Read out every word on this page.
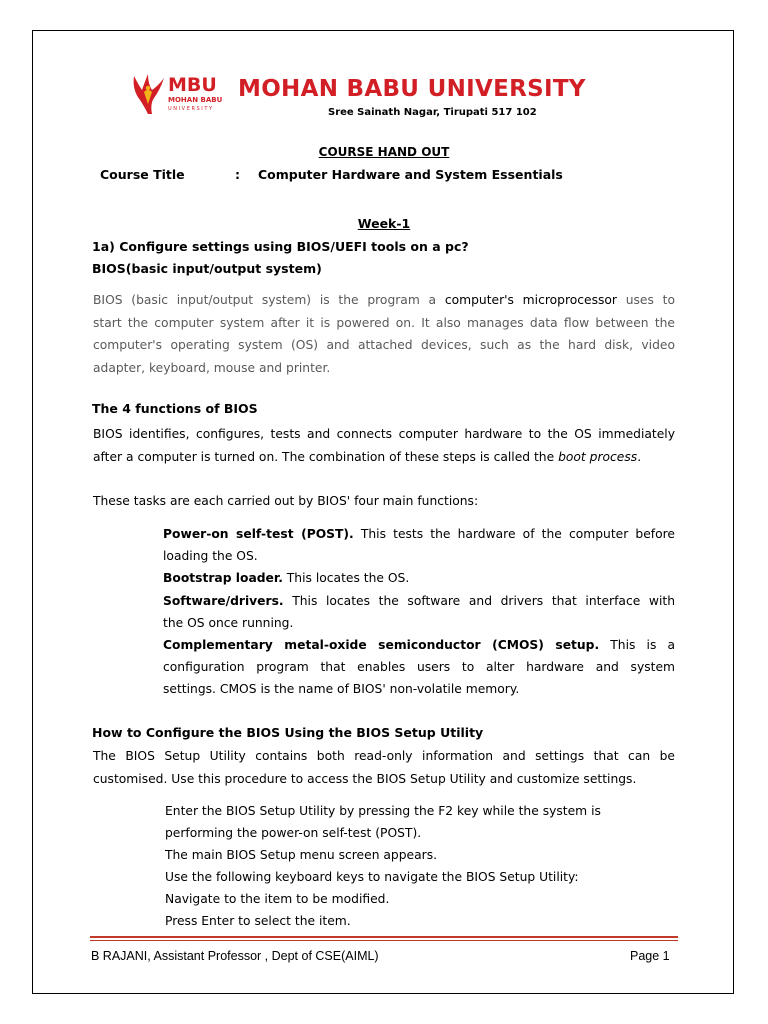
MBU
MOHAN BABU
UNIVERSITY
MOHAN BABU UNIVERSITY
Sree Sainath Nagar, Tirupati 517 102
COURSE HAND OUT
Course Title	: Computer Hardware and System Essentials
Week-1
1a) Configure settings using BIOS/UEFI tools on a pc?
BIOS(basic input/output system)
BIOS (basic input/output system) is the program a computer's microprocessor uses to
start the computer system after it is powered on. It also manages data flow between the
computer's operating system (OS) and attached devices, such as the hard disk, video
adapter, keyboard, mouse and printer.
The 4 functions of BIOS
BIOS identifies, configures, tests and connects computer hardware to the OS immediately
after a computer is turned on. The combination of these steps is called the boot process.
These tasks are each carried out by BIOS' four main functions:
Power-on self-test (POST). This tests the hardware of the computer before
loading the OS.
Bootstrap loader. This locates the OS.
Software/drivers. This locates the software and drivers that interface with
the OS once running.
Complementary metal-oxide semiconductor (CMOS) setup. This is a
configuration program that enables users to alter hardware and system
settings. CMOS is the name of BIOS' non-volatile memory.
How to Configure the BIOS Using the BIOS Setup Utility
The BIOS Setup Utility contains both read-only information and settings that can be
customised. Use this procedure to access the BIOS Setup Utility and customize settings.
Enter the BIOS Setup Utility by pressing the F2 key while the system is
performing the power-on self-test (POST).
The main BIOS Setup menu screen appears.
Use the following keyboard keys to navigate the BIOS Setup Utility:
Navigate to the item to be modified.
Press Enter to select the item.
B RAJANI, Assistant Professor , Dept of CSE(AIML)	Page 1
